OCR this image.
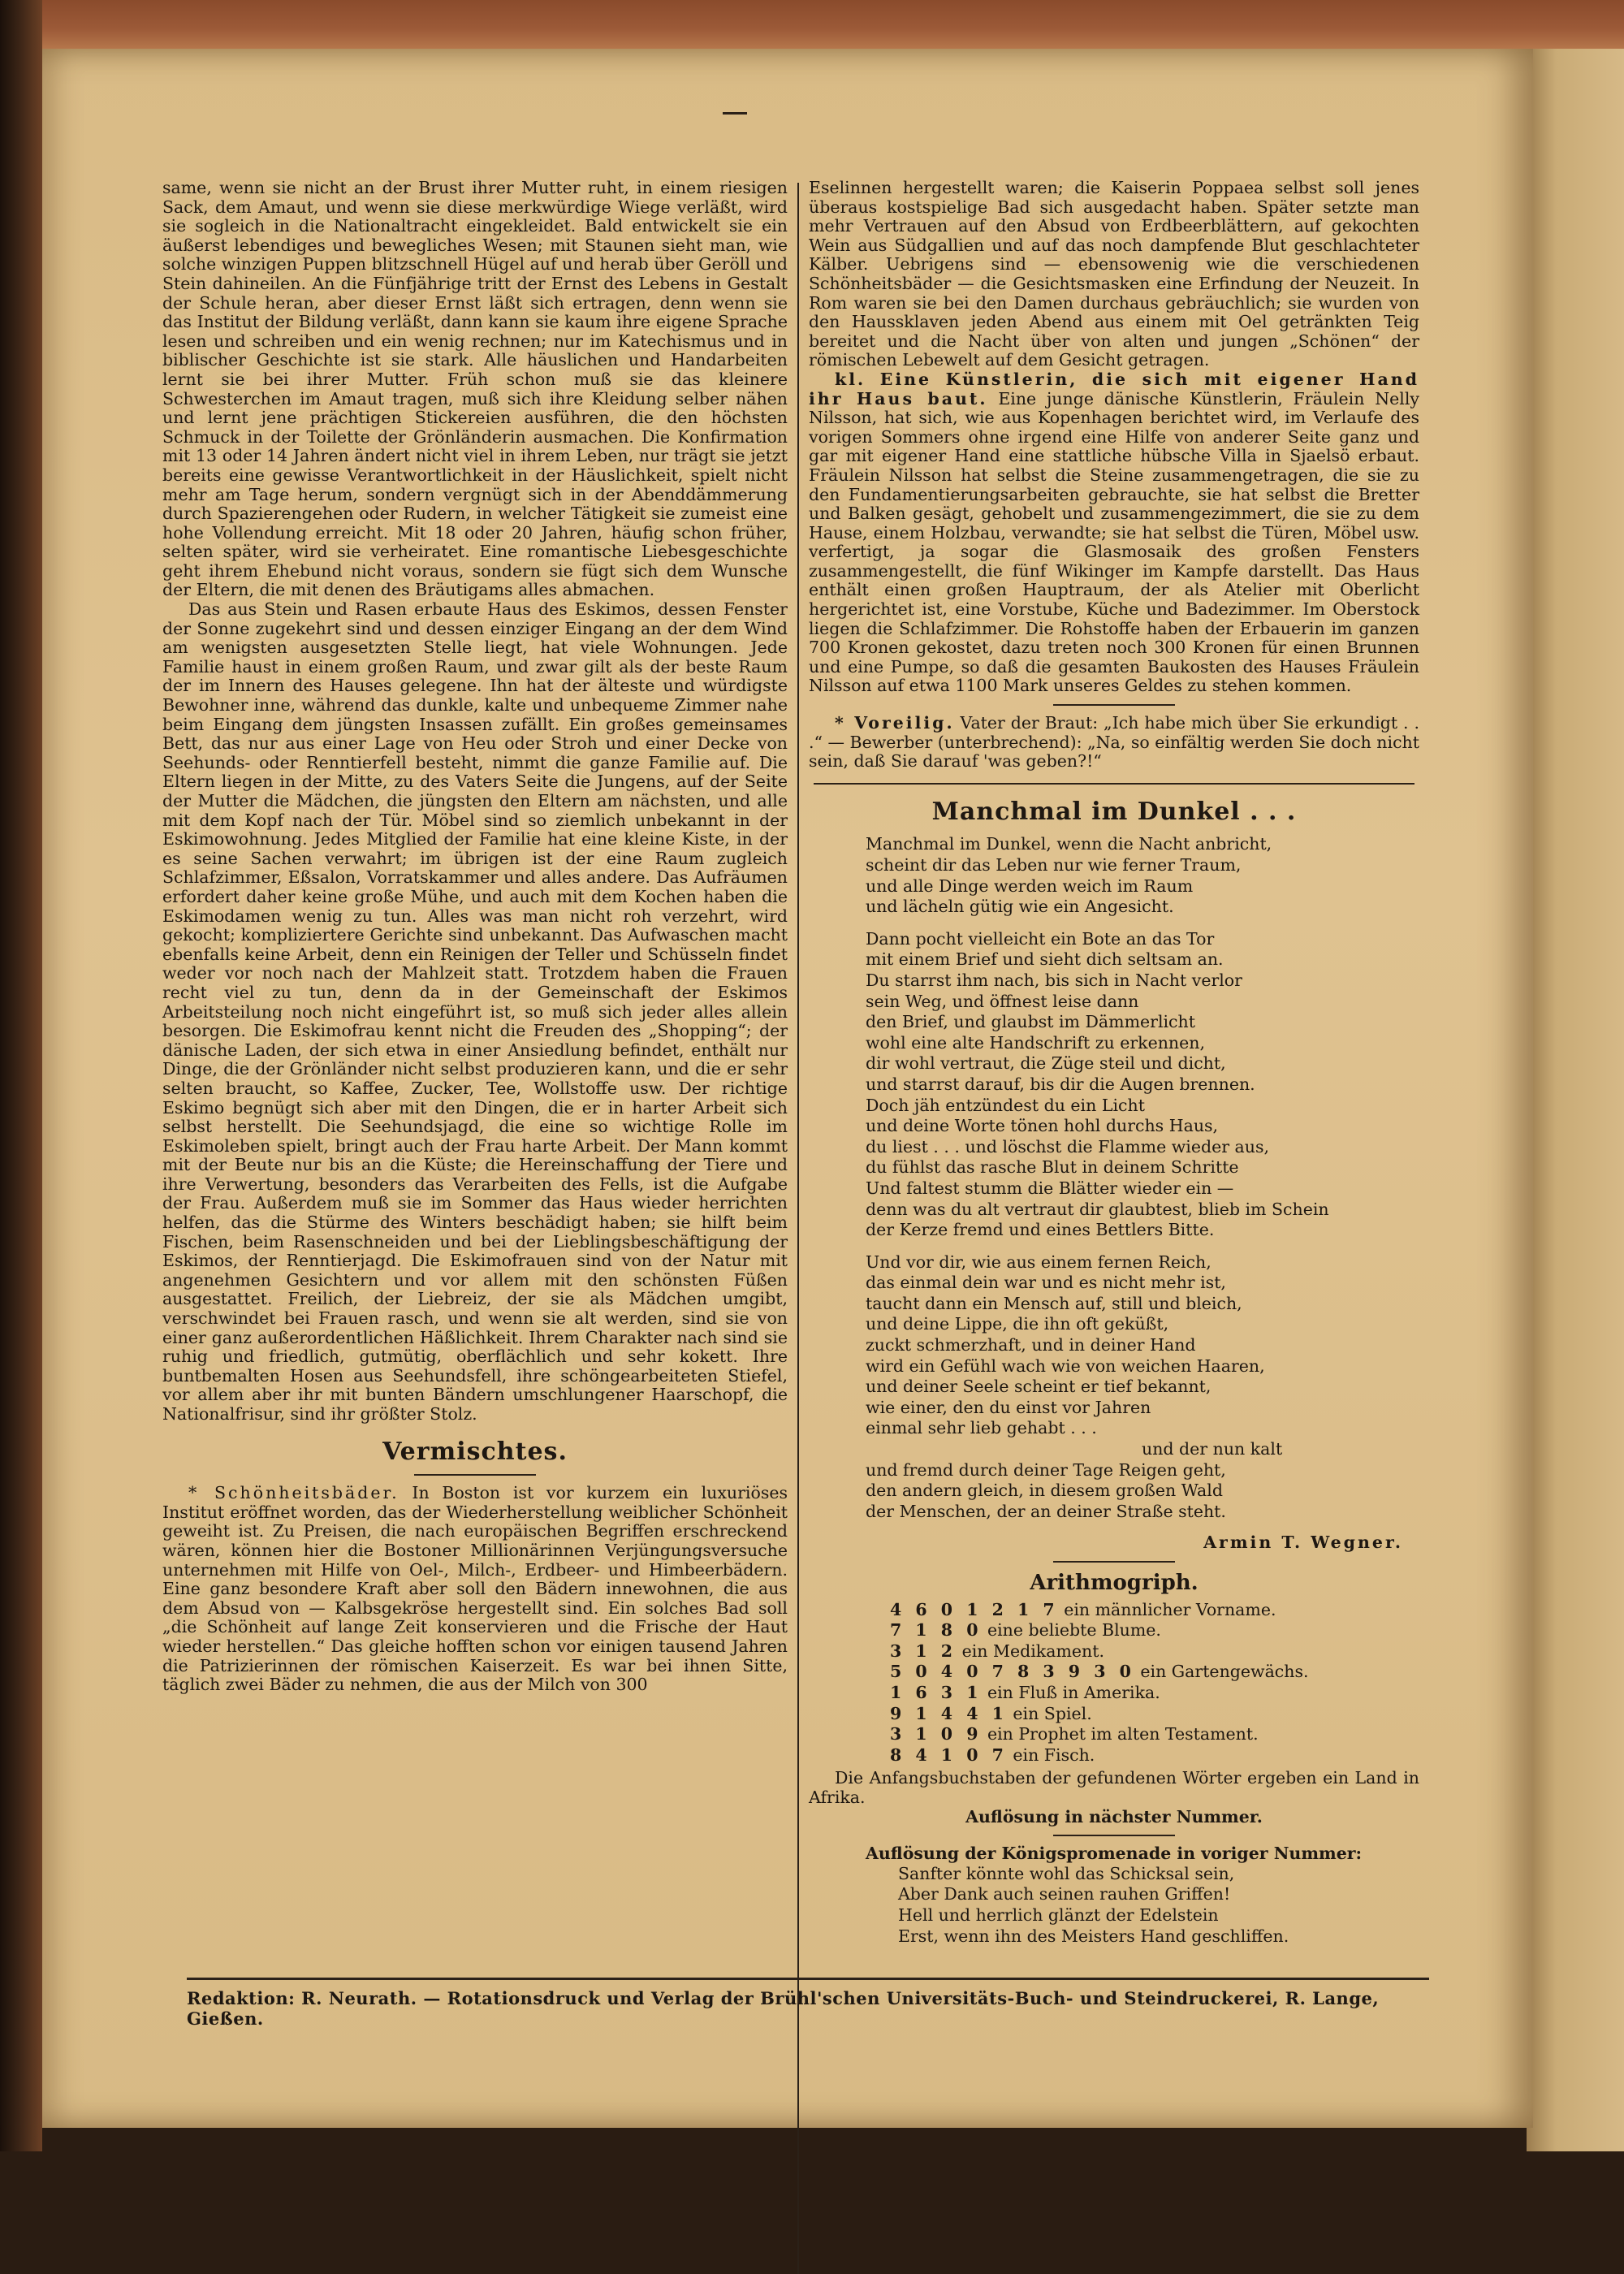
same, wenn sie nicht an der Brust ihrer Mutter ruht, in einem riesigen Sack, dem Amaut, und wenn sie diese merkwürdige Wiege verläßt, wird sie sogleich in die Nationaltracht eingekleidet. Bald entwickelt sie ein äußerst lebendiges und bewegliches Wesen; mit Staunen sieht man, wie solche winzigen Puppen blitzschnell Hügel auf und herab über Geröll und Stein dahineilen. An die Fünfjährige tritt der Ernst des Lebens in Gestalt der Schule heran, aber dieser Ernst läßt sich ertragen, denn wenn sie das Institut der Bildung verläßt, dann kann sie kaum ihre eigene Sprache lesen und schreiben und ein wenig rechnen; nur im Katechismus und in biblischer Geschichte ist sie stark. Alle häuslichen und Handarbeiten lernt sie bei ihrer Mutter. Früh schon muß sie das kleinere Schwesterchen im Amaut tragen, muß sich ihre Kleidung selber nähen und lernt jene prächtigen Stickereien ausführen, die den höchsten Schmuck in der Toilette der Grönländerin ausmachen. Die Konfirmation mit 13 oder 14 Jahren ändert nicht viel in ihrem Leben, nur trägt sie jetzt bereits eine gewisse Verantwortlichkeit in der Häuslichkeit, spielt nicht mehr am Tage herum, sondern vergnügt sich in der Abenddämmerung durch Spazierengehen oder Rudern, in welcher Tätigkeit sie zumeist eine hohe Vollendung erreicht. Mit 18 oder 20 Jahren, häufig schon früher, selten später, wird sie verheiratet. Eine romantische Liebesgeschichte geht ihrem Ehebund nicht voraus, sondern sie fügt sich dem Wunsche der Eltern, die mit denen des Bräutigams alles abmachen.

Das aus Stein und Rasen erbaute Haus des Eskimos, dessen Fenster der Sonne zugekehrt sind und dessen einziger Eingang an der dem Wind am wenigsten ausgesetzten Stelle liegt, hat viele Wohnungen. Jede Familie haust in einem großen Raum, und zwar gilt als der beste Raum der im Innern des Hauses gelegene. Ihn hat der älteste und würdigste Bewohner inne, während das dunkle, kalte und unbequeme Zimmer nahe beim Eingang dem jüngsten Insassen zufällt. Ein großes gemeinsames Bett, das nur aus einer Lage von Heu oder Stroh und einer Decke von Seehunds- oder Renntierfell besteht, nimmt die ganze Familie auf. Die Eltern liegen in der Mitte, zu des Vaters Seite die Jungens, auf der Seite der Mutter die Mädchen, die jüngsten den Eltern am nächsten, und alle mit dem Kopf nach der Tür. Möbel sind so ziemlich unbekannt in der Eskimowohnung. Jedes Mitglied der Familie hat eine kleine Kiste, in der es seine Sachen verwahrt; im übrigen ist der eine Raum zugleich Schlafzimmer, Eßsalon, Vorratskammer und alles andere. Das Aufräumen erfordert daher keine große Mühe, und auch mit dem Kochen haben die Eskimodamen wenig zu tun. Alles was man nicht roh verzehrt, wird gekocht; kompliziertere Gerichte sind unbekannt. Das Aufwaschen macht ebenfalls keine Arbeit, denn ein Reinigen der Teller und Schüsseln findet weder vor noch nach der Mahlzeit statt. Trotzdem haben die Frauen recht viel zu tun, denn da in der Gemeinschaft der Eskimos Arbeitsteilung noch nicht eingeführt ist, so muß sich jeder alles allein besorgen. Die Eskimofrau kennt nicht die Freuden des „Shopping“; der dänische Laden, der sich etwa in einer Ansiedlung befindet, enthält nur Dinge, die der Grönländer nicht selbst produzieren kann, und die er sehr selten braucht, so Kaffee, Zucker, Tee, Wollstoffe usw. Der richtige Eskimo begnügt sich aber mit den Dingen, die er in harter Arbeit sich selbst herstellt. Die Seehundsjagd, die eine so wichtige Rolle im Eskimoleben spielt, bringt auch der Frau harte Arbeit. Der Mann kommt mit der Beute nur bis an die Küste; die Hereinschaffung der Tiere und ihre Verwertung, besonders das Verarbeiten des Fells, ist die Aufgabe der Frau. Außerdem muß sie im Sommer das Haus wieder herrichten helfen, das die Stürme des Winters beschädigt haben; sie hilft beim Fischen, beim Rasenschneiden und bei der Lieblingsbeschäftigung der Eskimos, der Renntierjagd. Die Eskimofrauen sind von der Natur mit angenehmen Gesichtern und vor allem mit den schönsten Füßen ausgestattet. Freilich, der Liebreiz, der sie als Mädchen umgibt, verschwindet bei Frauen rasch, und wenn sie alt werden, sind sie von einer ganz außerordentlichen Häßlichkeit. Ihrem Charakter nach sind sie ruhig und friedlich, gutmütig, oberflächlich und sehr kokett. Ihre buntbemalten Hosen aus Seehundsfell, ihre schöngearbeiteten Stiefel, vor allem aber ihr mit bunten Bändern umschlungener Haarschopf, die Nationalfrisur, sind ihr größter Stolz.

Vermischtes.

* Schönheitsbäder. In Boston ist vor kurzem ein luxuriöses Institut eröffnet worden, das der Wiederherstellung weiblicher Schönheit geweiht ist. Zu Preisen, die nach europäischen Begriffen erschreckend wären, können hier die Bostoner Millionärinnen Verjüngungsversuche unternehmen mit Hilfe von Oel-, Milch-, Erdbeer- und Himbeerbädern. Eine ganz besondere Kraft aber soll den Bädern innewohnen, die aus dem Absud von — Kalbsgekröse hergestellt sind. Ein solches Bad soll „die Schönheit auf lange Zeit konservieren und die Frische der Haut wieder herstellen.“ Das gleiche hofften schon vor einigen tausend Jahren die Patrizierinnen der römischen Kaiserzeit. Es war bei ihnen Sitte, täglich zwei Bäder zu nehmen, die aus der Milch von 300

Eselinnen hergestellt waren; die Kaiserin Poppaea selbst soll jenes überaus kostspielige Bad sich ausgedacht haben. Später setzte man mehr Vertrauen auf den Absud von Erdbeerblättern, auf gekochten Wein aus Südgallien und auf das noch dampfende Blut geschlachteter Kälber. Uebrigens sind — ebensowenig wie die verschiedenen Schönheitsbäder — die Gesichtsmasken eine Erfindung der Neuzeit. In Rom waren sie bei den Damen durchaus gebräuchlich; sie wurden von den Haussklaven jeden Abend aus einem mit Oel getränkten Teig bereitet und die Nacht über von alten und jungen „Schönen“ der römischen Lebewelt auf dem Gesicht getragen.

kl. Eine Künstlerin, die sich mit eigener Hand ihr Haus baut. Eine junge dänische Künstlerin, Fräulein Nelly Nilsson, hat sich, wie aus Kopenhagen berichtet wird, im Verlaufe des vorigen Sommers ohne irgend eine Hilfe von anderer Seite ganz und gar mit eigener Hand eine stattliche hübsche Villa in Sjaelsö erbaut. Fräulein Nilsson hat selbst die Steine zusammengetragen, die sie zu den Fundamentierungsarbeiten gebrauchte, sie hat selbst die Bretter und Balken gesägt, gehobelt und zusammengezimmert, die sie zu dem Hause, einem Holzbau, verwandte; sie hat selbst die Türen, Möbel usw. verfertigt, ja sogar die Glasmosaik des großen Fensters zusammengestellt, die fünf Wikinger im Kampfe darstellt. Das Haus enthält einen großen Hauptraum, der als Atelier mit Oberlicht hergerichtet ist, eine Vorstube, Küche und Badezimmer. Im Oberstock liegen die Schlafzimmer. Die Rohstoffe haben der Erbauerin im ganzen 700 Kronen gekostet, dazu treten noch 300 Kronen für einen Brunnen und eine Pumpe, so daß die gesamten Baukosten des Hauses Fräulein Nilsson auf etwa 1100 Mark unseres Geldes zu stehen kommen.

* Voreilig. Vater der Braut: „Ich habe mich über Sie erkundigt . . .“ — Bewerber (unterbrechend): „Na, so einfältig werden Sie doch nicht sein, daß Sie darauf 'was geben?!“

Manchmal im Dunkel . . .
Manchmal im Dunkel, wenn die Nacht anbricht,
scheint dir das Leben nur wie ferner Traum,
und alle Dinge werden weich im Raum
und lächeln gütig wie ein Angesicht.
Dann pocht vielleicht ein Bote an das Tor
mit einem Brief und sieht dich seltsam an.
Du starrst ihm nach, bis sich in Nacht verlor
sein Weg, und öffnest leise dann
den Brief, und glaubst im Dämmerlicht
wohl eine alte Handschrift zu erkennen,
dir wohl vertraut, die Züge steil und dicht,
und starrst darauf, bis dir die Augen brennen.
Doch jäh entzündest du ein Licht
und deine Worte tönen hohl durchs Haus,
du liest . . . und löschst die Flamme wieder aus,
du fühlst das rasche Blut in deinem Schritte
Und faltest stumm die Blätter wieder ein —
denn was du alt vertraut dir glaubtest, blieb im Schein
der Kerze fremd und eines Bettlers Bitte.
Und vor dir, wie aus einem fernen Reich,
das einmal dein war und es nicht mehr ist,
taucht dann ein Mensch auf, still und bleich,
und deine Lippe, die ihn oft geküßt,
zuckt schmerzhaft, und in deiner Hand
wird ein Gefühl wach wie von weichen Haaren,
und deiner Seele scheint er tief bekannt,
wie einer, den du einst vor Jahren
einmal sehr lieb gehabt . . .
und der nun kalt
und fremd durch deiner Tage Reigen geht,
den andern gleich, in diesem großen Wald
der Menschen, der an deiner Straße steht.
Armin T. Wegner.
Arithmogriph.
4 6 0 1 2 1 7 ein männlicher Vorname.
7 1 8 0 eine beliebte Blume.
3 1 2 ein Medikament.
5 0 4 0 7 8 3 9 3 0 ein Gartengewächs.
1 6 3 1 ein Fluß in Amerika.
9 1 4 4 1 ein Spiel.
3 1 0 9 ein Prophet im alten Testament.
8 4 1 0 7 ein Fisch.

Die Anfangsbuchstaben der gefundenen Wörter ergeben ein Land in Afrika.

Auflösung in nächster Nummer.
Auflösung der Königspromenade in voriger Nummer:
Sanfter könnte wohl das Schicksal sein,
Aber Dank auch seinen rauhen Griffen!
Hell und herrlich glänzt der Edelstein
Erst, wenn ihn des Meisters Hand geschliffen.
Redaktion: R. Neurath. — Rotationsdruck und Verlag der Brühl'schen Universitäts-Buch- und Steindruckerei, R. Lange, Gießen.
